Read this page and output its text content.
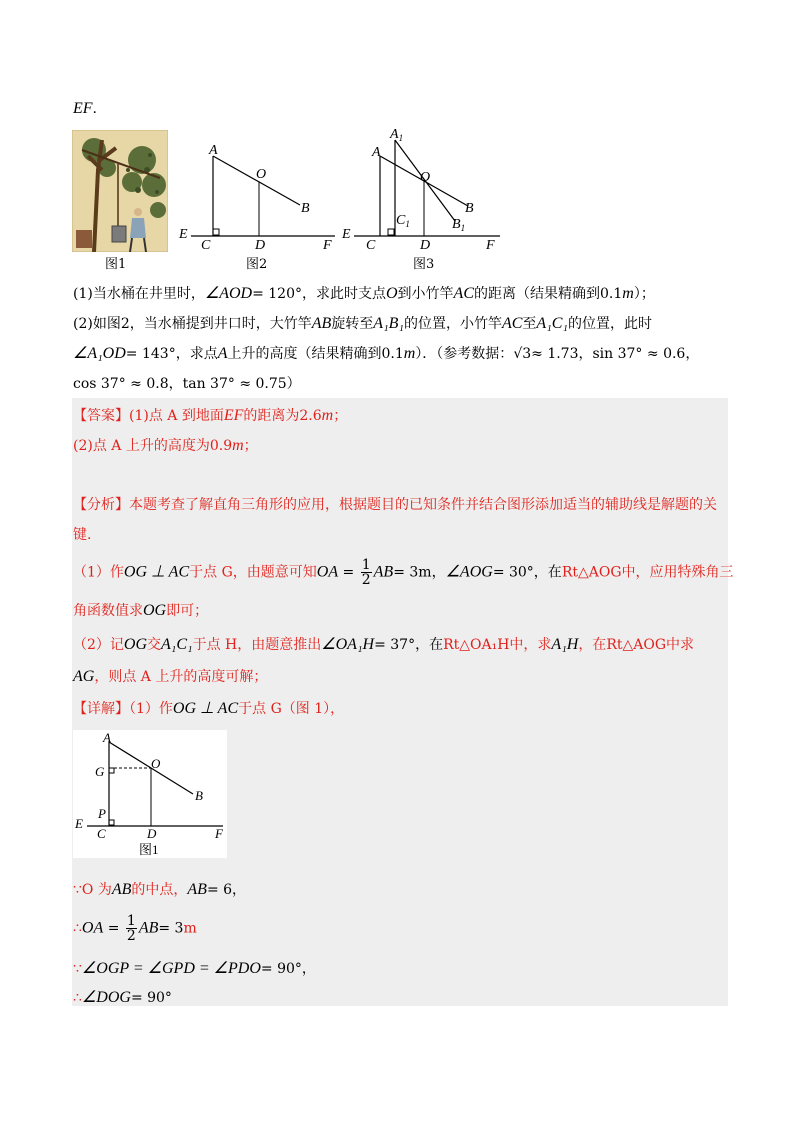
EF.
图1
A
O
B
E
C	D	F
图2
$A_1$
A
O
B
$B_1$
$C_1$
E
C	D	F
图3
(1)当水桶在井里时，∠AOD= 120°，求此时支点O到小竹竿AC的距离（结果精确到0.1m）；
(2)如图2，当水桶提到井口时，大竹竿AB旋转至A₁B₁的位置，小竹竿AC至A₁C₁的位置，此时
∠A₁OD= 143°，求点A上升的高度（结果精确到0.1m）．（参考数据：√3≈ 1.73，sin 37° ≈ 0.6，
cos 37° ≈ 0.8，tan 37° ≈ 0.75）
【答案】(1)点 A 到地面EF的距离为2.6m；
(2)点 A 上升的高度为0.9m；
【分析】本题考查了解直角三角形的应用，根据题目的已知条件并结合图形添加适当的辅助线是解题的关
键.
（1）作OG ⊥ AC于点 G，由题意可知OA = $\frac{1}{2} AB= 3m$，∠AOG= 30°，在Rt△AOG中，应用特殊角三
角函数值求OG即可；
（2）记OG交A₁C₁于点 H，由题意推出∠OA₁H= 37°，在Rt△OA₁H中，求A₁H，在Rt△AOG中求
AG，则点 A 上升的高度可解；
【详解】（1）作OG ⊥ AC于点 G（图 1），
A
G
O
B
P
E
C	D	F
图1
∵O 为AB的中点，AB= 6，
∴OA = $\frac{1}{2} AB= 3m$
∵∠OGP = ∠GPD = ∠PDO= 90°，
∴∠DOG= 90°
